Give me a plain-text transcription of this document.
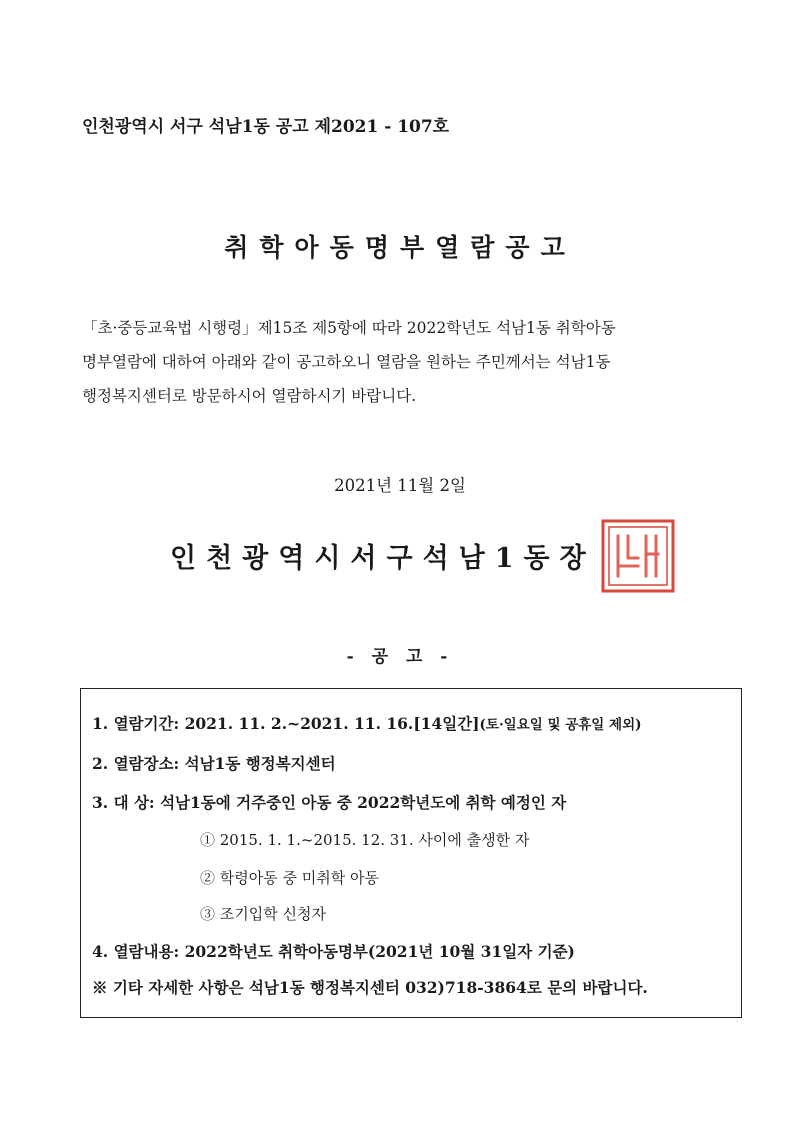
인천광역시 서구 석남1동 공고 제2021 - 107호
취학아동명부열람공고
「초·중등교육법 시행령」제15조 제5항에 따라 2022학년도 석남1동 취학아동
명부열람에 대하여 아래와 같이 공고하오니 열람을 원하는 주민께서는 석남1동
행정복지센터로 방문하시어 열람하시기 바랍니다.
2021년 11월 2일
인천광역시서구석남1동장
- 공 고 -
1. 열람기간: 2021. 11. 2.~2021. 11. 16.[14일간](토·일요일 및 공휴일 제외)
2. 열람장소: 석남1동 행정복지센터
3. 대 상: 석남1동에 거주중인 아동 중 2022학년도에 취학 예정인 자
① 2015. 1. 1.~2015. 12. 31. 사이에 출생한 자
② 학령아동 중 미취학 아동
③ 조기입학 신청자
4. 열람내용: 2022학년도 취학아동명부(2021년 10월 31일자 기준)
※ 기타 자세한 사항은 석남1동 행정복지센터 032)718-3864로 문의 바랍니다.
